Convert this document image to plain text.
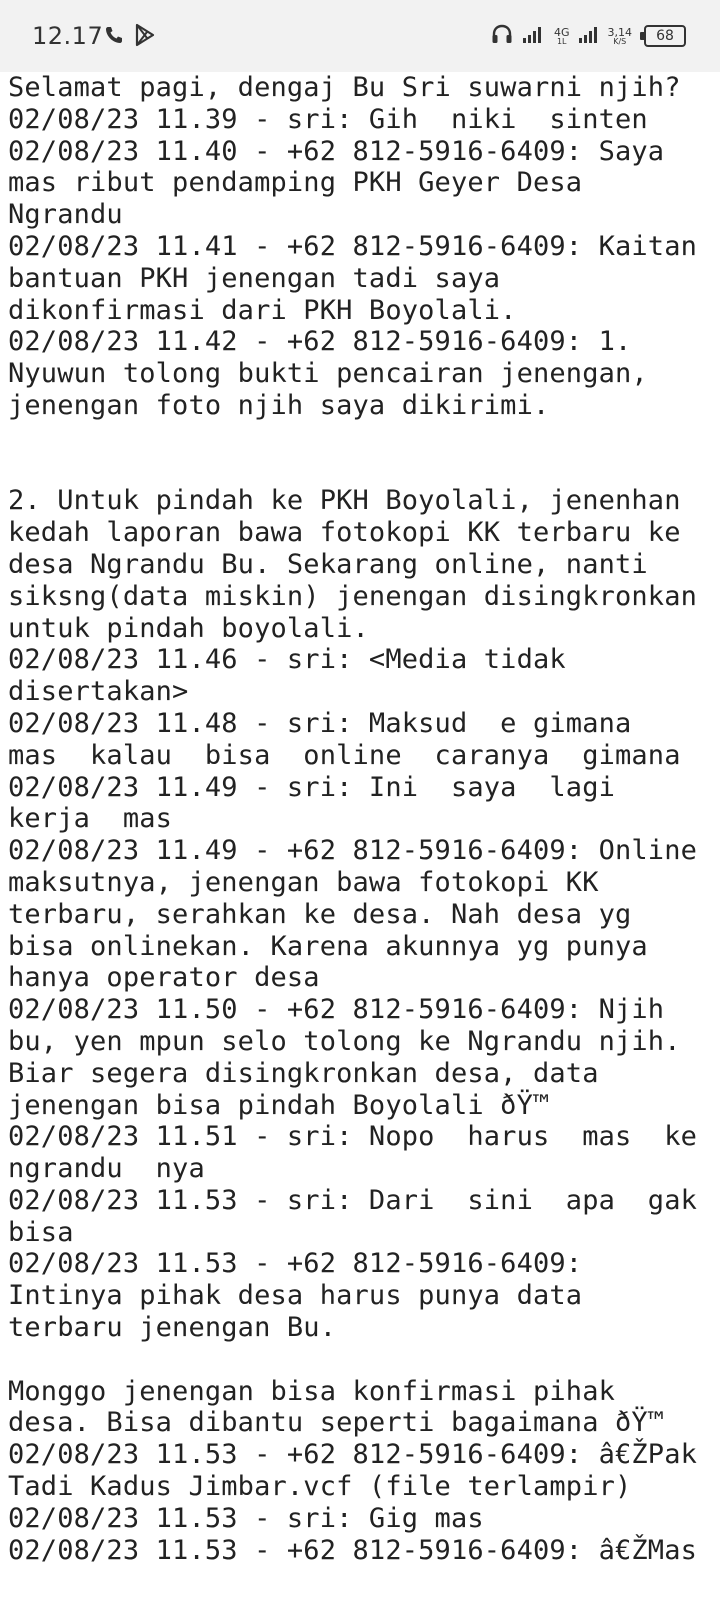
12.17	4G
1L
3,14
K/S 68
Selamat pagi, dengaj Bu Sri suwarni njih?
02/08/23 11.39 - sri: Gih  niki  sinten
02/08/23 11.40 - +62 812-5916-6409: Saya
mas ribut pendamping PKH Geyer Desa
Ngrandu
02/08/23 11.41 - +62 812-5916-6409: Kaitan
bantuan PKH jenengan tadi saya
dikonfirmasi dari PKH Boyolali.
02/08/23 11.42 - +62 812-5916-6409: 1.
Nyuwun tolong bukti pencairan jenengan,
jenengan foto njih saya dikirimi.
2. Untuk pindah ke PKH Boyolali, jenenhan
kedah laporan bawa fotokopi KK terbaru ke
desa Ngrandu Bu. Sekarang online, nanti
siksng(data miskin) jenengan disingkronkan
untuk pindah boyolali.
02/08/23 11.46 - sri: <Media tidak
disertakan>
02/08/23 11.48 - sri: Maksud  e gimana
mas  kalau  bisa  online  caranya  gimana
02/08/23 11.49 - sri: Ini  saya  lagi
kerja  mas
02/08/23 11.49 - +62 812-5916-6409: Online
maksutnya, jenengan bawa fotokopi KK
terbaru, serahkan ke desa. Nah desa yg
bisa onlinekan. Karena akunnya yg punya
hanya operator desa
02/08/23 11.50 - +62 812-5916-6409: Njih
bu, yen mpun selo tolong ke Ngrandu njih.
Biar segera disingkronkan desa, data
jenengan bisa pindah Boyolali ðŸ™
02/08/23 11.51 - sri: Nopo  harus  mas  ke
ngrandu  nya
02/08/23 11.53 - sri: Dari  sini  apa  gak
bisa
02/08/23 11.53 - +62 812-5916-6409:
Intinya pihak desa harus punya data
terbaru jenengan Bu.
Monggo jenengan bisa konfirmasi pihak
desa. Bisa dibantu seperti bagaimana ðŸ™
02/08/23 11.53 - +62 812-5916-6409: â€ŽPak
Tadi Kadus Jimbar.vcf (file terlampir)
02/08/23 11.53 - sri: Gig mas
02/08/23 11.53 - +62 812-5916-6409: â€ŽMas
